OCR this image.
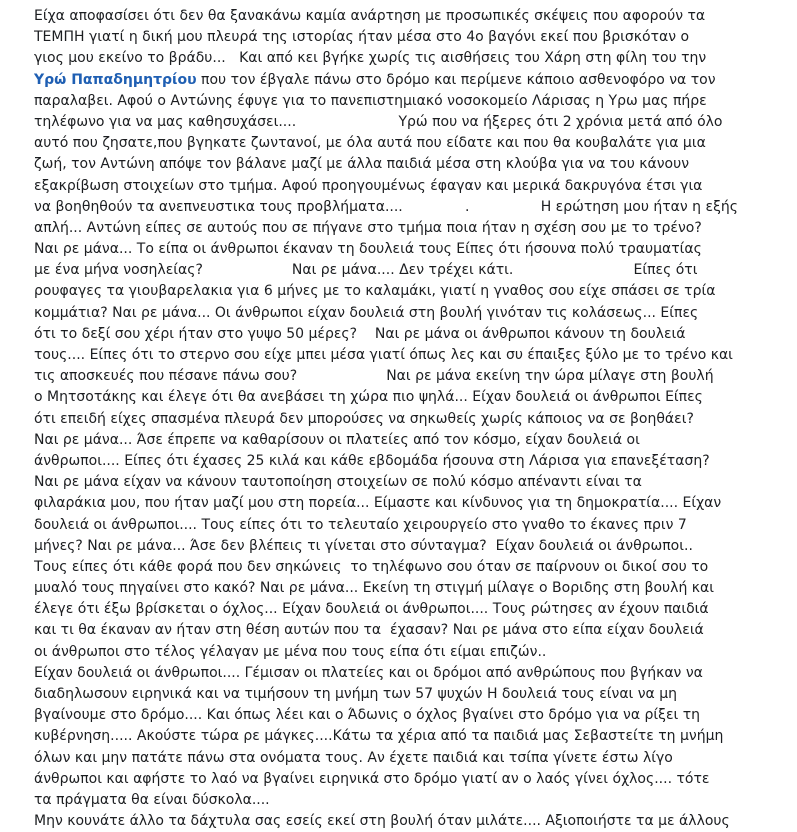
Είχα αποφασίσει ότι δεν θα ξανακάνω καμία ανάρτηση με προσωπικές σκέψεις που αφορούν τα
ΤΕΜΠΗ γιατί η δική μου πλευρά της ιστορίας ήταν μέσα στο 4ο βαγόνι εκεί που βρισκόταν ο
γιος μου εκείνο το βράδυ...   Και από κει βγήκε χωρίς τις αισθήσεις του Χάρη στη φίλη του την
Υρώ Παπαδημητρίου που τον έβγαλε πάνω στο δρόμο και περίμενε κάποιο ασθενοφόρο να τον
παραλαβει. Αφού ο Αντώνης έφυγε για το πανεπιστημιακό νοσοκομείο Λάρισας η Υρω μας πήρε
τηλέφωνο για να μας καθησυχάσει....                       Υρώ που να ήξερες ότι 2 χρόνια μετά από όλο
αυτό που ζησατε,που βγηκατε ζωντανοί, με όλα αυτά που είδατε και που θα κουβαλάτε για μια
ζωή, τον Αντώνη απόψε τον βάλανε μαζί με άλλα παιδιά μέσα στη κλούβα για να του κάνουν
εξακρίβωση στοιχείων στο τμήμα. Αφού προηγουμένως έφαγαν και μερικά δακρυγόνα έτσι για
να βοηθηθούν τα ανεπνευστικα τους προβλήματα....              .                Η ερώτηση μου ήταν η εξής
απλή... Αντώνη είπες σε αυτούς που σε πήγανε στο τμήμα ποια ήταν η σχέση σου με το τρένο?
Ναι ρε μάνα... Το είπα οι άνθρωποι έκαναν τη δουλειά τους Είπες ότι ήσουνα πολύ τραυματίας
με ένα μήνα νοσηλείας?                    Ναι ρε μάνα.... Δεν τρέχει κάτι.                           Είπες ότι
ρουφαγες τα γιουβαρελακια για 6 μήνες με το καλαμάκι, γιατί η γναθος σου είχε σπάσει σε τρία
κομμάτια? Ναι ρε μάνα... Οι άνθρωποι είχαν δουλειά στη βουλή γινόταν τις κολάσεως... Είπες
ότι το δεξί σου χέρι ήταν στο γυψο 50 μέρες?    Ναι ρε μάνα οι άνθρωποι κάνουν τη δουλειά
τους.... Είπες ότι το στερνο σου είχε μπει μέσα γιατί όπως λες και συ έπαιξες ξύλο με το τρένο και
τις αποσκευές που πέσανε πάνω σου?                    Ναι ρε μάνα εκείνη την ώρα μίλαγε στη βουλή
ο Μητσοτάκης και έλεγε ότι θα ανεβάσει τη χώρα πιο ψηλά... Είχαν δουλειά οι άνθρωποι Είπες
ότι επειδή είχες σπασμένα πλευρά δεν μπορούσες να σηκωθείς χωρίς κάποιος να σε βοηθάει?
Ναι ρε μάνα... Άσε έπρεπε να καθαρίσουν οι πλατείες από τον κόσμο, είχαν δουλειά οι
άνθρωποι.... Είπες ότι έχασες 25 κιλά και κάθε εβδομάδα ήσουνα στη Λάρισα για επανεξέταση?
Ναι ρε μάνα είχαν να κάνουν ταυτοποίηση στοιχείων σε πολύ κόσμο απέναντι είναι τα
φιλαράκια μου, που ήταν μαζί μου στη πορεία... Είμαστε και κίνδυνος για τη δημοκρατία.... Είχαν
δουλειά οι άνθρωποι.... Τους είπες ότι το τελευταίο χειρουργείο στο γναθο το έκανες πριν 7
μήνες? Ναι ρε μάνα... Άσε δεν βλέπεις τι γίνεται στο σύνταγμα?  Είχαν δουλειά οι άνθρωποι..
Τους είπες ότι κάθε φορά που δεν σηκώνεις  το τηλέφωνο σου όταν σε παίρνουν οι δικοί σου το
μυαλό τους πηγαίνει στο κακό? Ναι ρε μάνα... Εκείνη τη στιγμή μίλαγε ο Βοριδης στη βουλή και
έλεγε ότι έξω βρίσκεται ο όχλος... Είχαν δουλειά οι άνθρωποι.... Τους ρώτησες αν έχουν παιδιά
και τι θα έκαναν αν ήταν στη θέση αυτών που τα  έχασαν? Ναι ρε μάνα στο είπα είχαν δουλειά
οι άνθρωποι στο τέλος γέλαγαν με μένα που τους είπα ότι είμαι επιζών..
Είχαν δουλειά οι άνθρωποι.... Γέμισαν οι πλατείες και οι δρόμοι από ανθρώπους που βγήκαν να
διαδηλωσουν ειρηνικά και να τιμήσουν τη μνήμη των 57 ψυχών Η δουλειά τους είναι να μη
βγαίνουμε στο δρόμο.... Και όπως λέει και ο Άδωνις ο όχλος βγαίνει στο δρόμο για να ρίξει τη
κυβέρνηση..... Ακούστε τώρα ρε μάγκες....Κάτω τα χέρια από τα παιδιά μας Σεβαστείτε τη μνήμη
όλων και μην πατάτε πάνω στα ονόματα τους. Αν έχετε παιδιά και τσίπα γίνετε έστω λίγο
άνθρωποι και αφήστε το λαό να βγαίνει ειρηνικά στο δρόμο γιατί αν ο λαός γίνει όχλος.... τότε
τα πράγματα θα είναι δύσκολα....
Μην κουνάτε άλλο τα δάχτυλα σας εσείς εκεί στη βουλή όταν μιλάτε.... Αξιοποιήστε τα με άλλους
